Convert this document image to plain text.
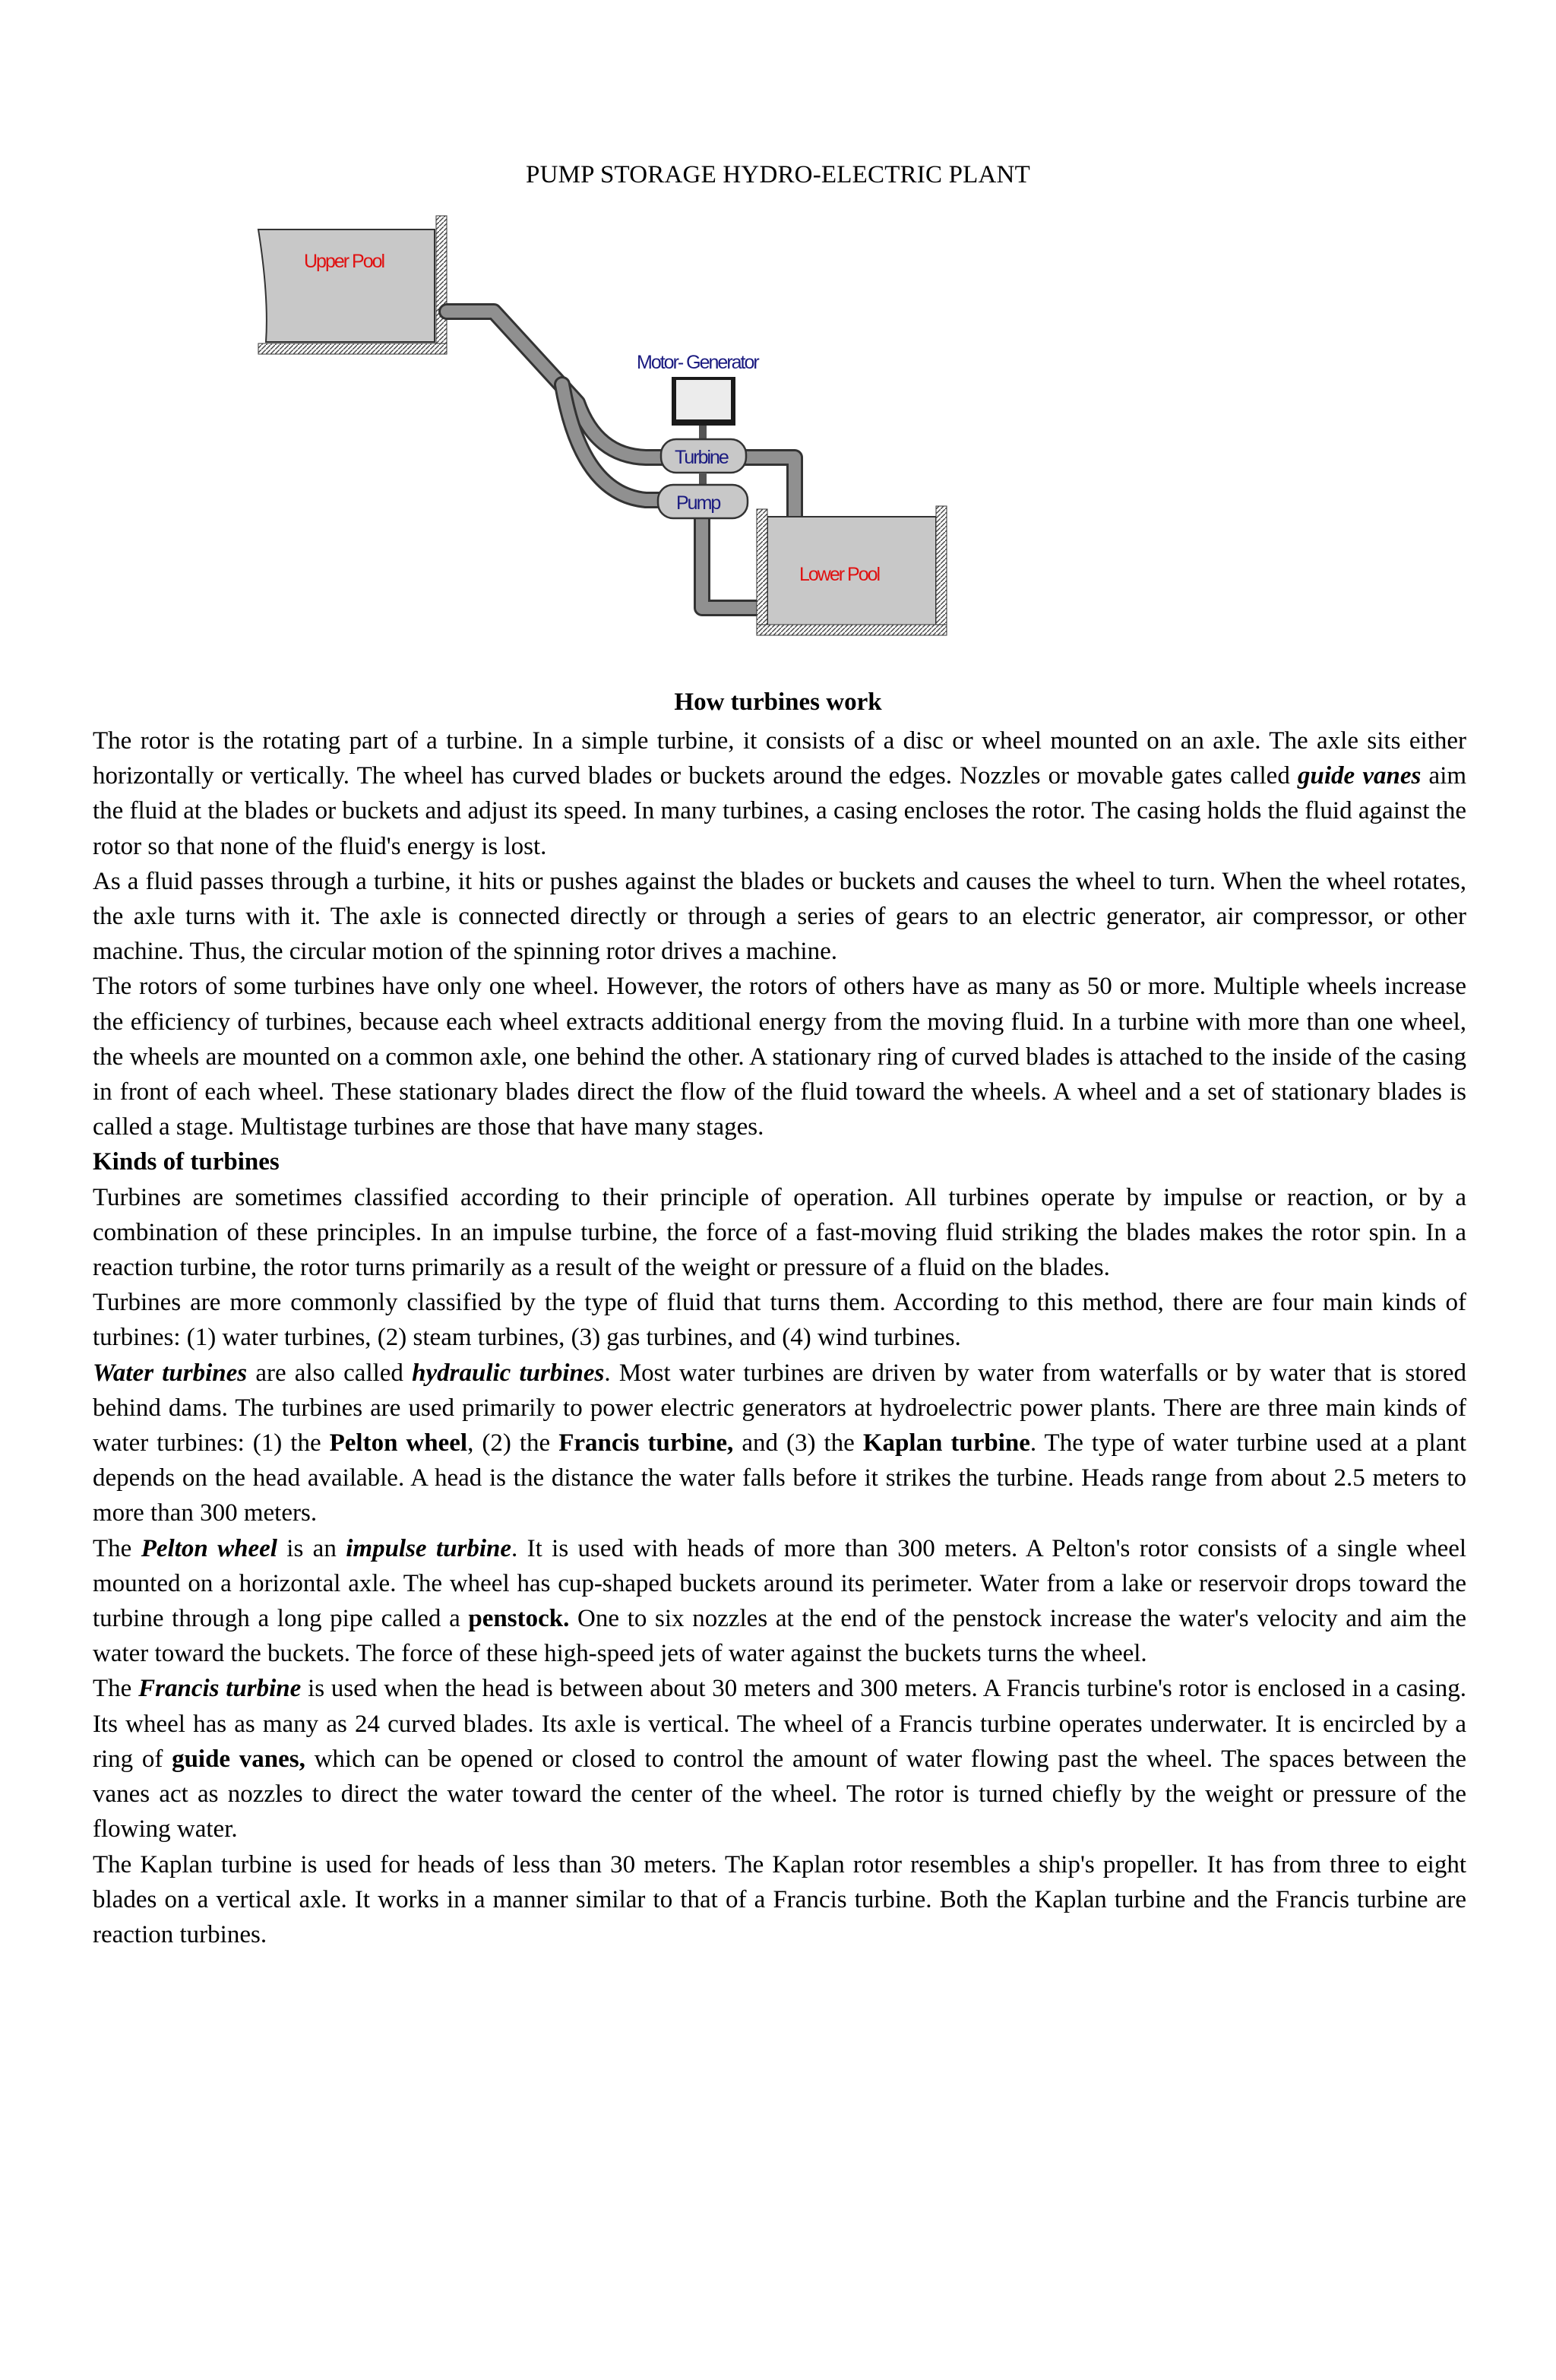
PUMP STORAGE HYDRO-ELECTRIC PLANT
Upper Pool
Motor- Generator
Turbine
Pump
Lower Pool
How turbines work

The rotor is the rotating part of a turbine. In a simple turbine, it consists of a disc or wheel mounted on an axle. The axle sits either horizontally or vertically. The wheel has curved blades or buckets around the edges. Nozzles or movable gates called guide vanes aim the fluid at the blades or buckets and adjust its speed. In many turbines, a casing encloses the rotor. The casing holds the fluid against the rotor so that none of the fluid's energy is lost.

As a fluid passes through a turbine, it hits or pushes against the blades or buckets and causes the wheel to turn. When the wheel rotates, the axle turns with it. The axle is connected directly or through a series of gears to an electric generator, air compressor, or other machine. Thus, the circular motion of the spinning rotor drives a machine.

The rotors of some turbines have only one wheel. However, the rotors of others have as many as 50 or more. Multiple wheels increase the efficiency of turbines, because each wheel extracts additional energy from the moving fluid. In a turbine with more than one wheel, the wheels are mounted on a common axle, one behind the other. A stationary ring of curved blades is attached to the inside of the casing in front of each wheel. These stationary blades direct the flow of the fluid toward the wheels. A wheel and a set of stationary blades is called a stage. Multistage turbines are those that have many stages.

Kinds of turbines

Turbines are sometimes classified according to their principle of operation. All turbines operate by impulse or reaction, or by a combination of these principles. In an impulse turbine, the force of a fast-moving fluid striking the blades makes the rotor spin. In a reaction turbine, the rotor turns primarily as a result of the weight or pressure of a fluid on the blades.

Turbines are more commonly classified by the type of fluid that turns them. According to this method, there are four main kinds of turbines: (1) water turbines, (2) steam turbines, (3) gas turbines, and (4) wind turbines.

Water turbines are also called hydraulic turbines. Most water turbines are driven by water from waterfalls or by water that is stored behind dams. The turbines are used primarily to power electric generators at hydroelectric power plants. There are three main kinds of water turbines: (1) the Pelton wheel, (2) the Francis turbine, and (3) the Kaplan turbine. The type of water turbine used at a plant depends on the head available. A head is the distance the water falls before it strikes the turbine. Heads range from about 2.5 meters to more than 300 meters.

The Pelton wheel is an impulse turbine. It is used with heads of more than 300 meters. A Pelton's rotor consists of a single wheel mounted on a horizontal axle. The wheel has cup-shaped buckets around its perimeter. Water from a lake or reservoir drops toward the turbine through a long pipe called a penstock. One to six nozzles at the end of the penstock increase the water's velocity and aim the water toward the buckets. The force of these high-speed jets of water against the buckets turns the wheel.

The Francis turbine is used when the head is between about 30 meters and 300 meters. A Francis turbine's rotor is enclosed in a casing. Its wheel has as many as 24 curved blades. Its axle is vertical. The wheel of a Francis turbine operates underwater. It is encircled by a ring of guide vanes, which can be opened or closed to control the amount of water flowing past the wheel. The spaces between the vanes act as nozzles to direct the water toward the center of the wheel. The rotor is turned chiefly by the weight or pressure of the flowing water.

The Kaplan turbine is used for heads of less than 30 meters. The Kaplan rotor resembles a ship's propeller. It has from three to eight blades on a vertical axle. It works in a manner similar to that of a Francis turbine. Both the Kaplan turbine and the Francis turbine are reaction turbines.
